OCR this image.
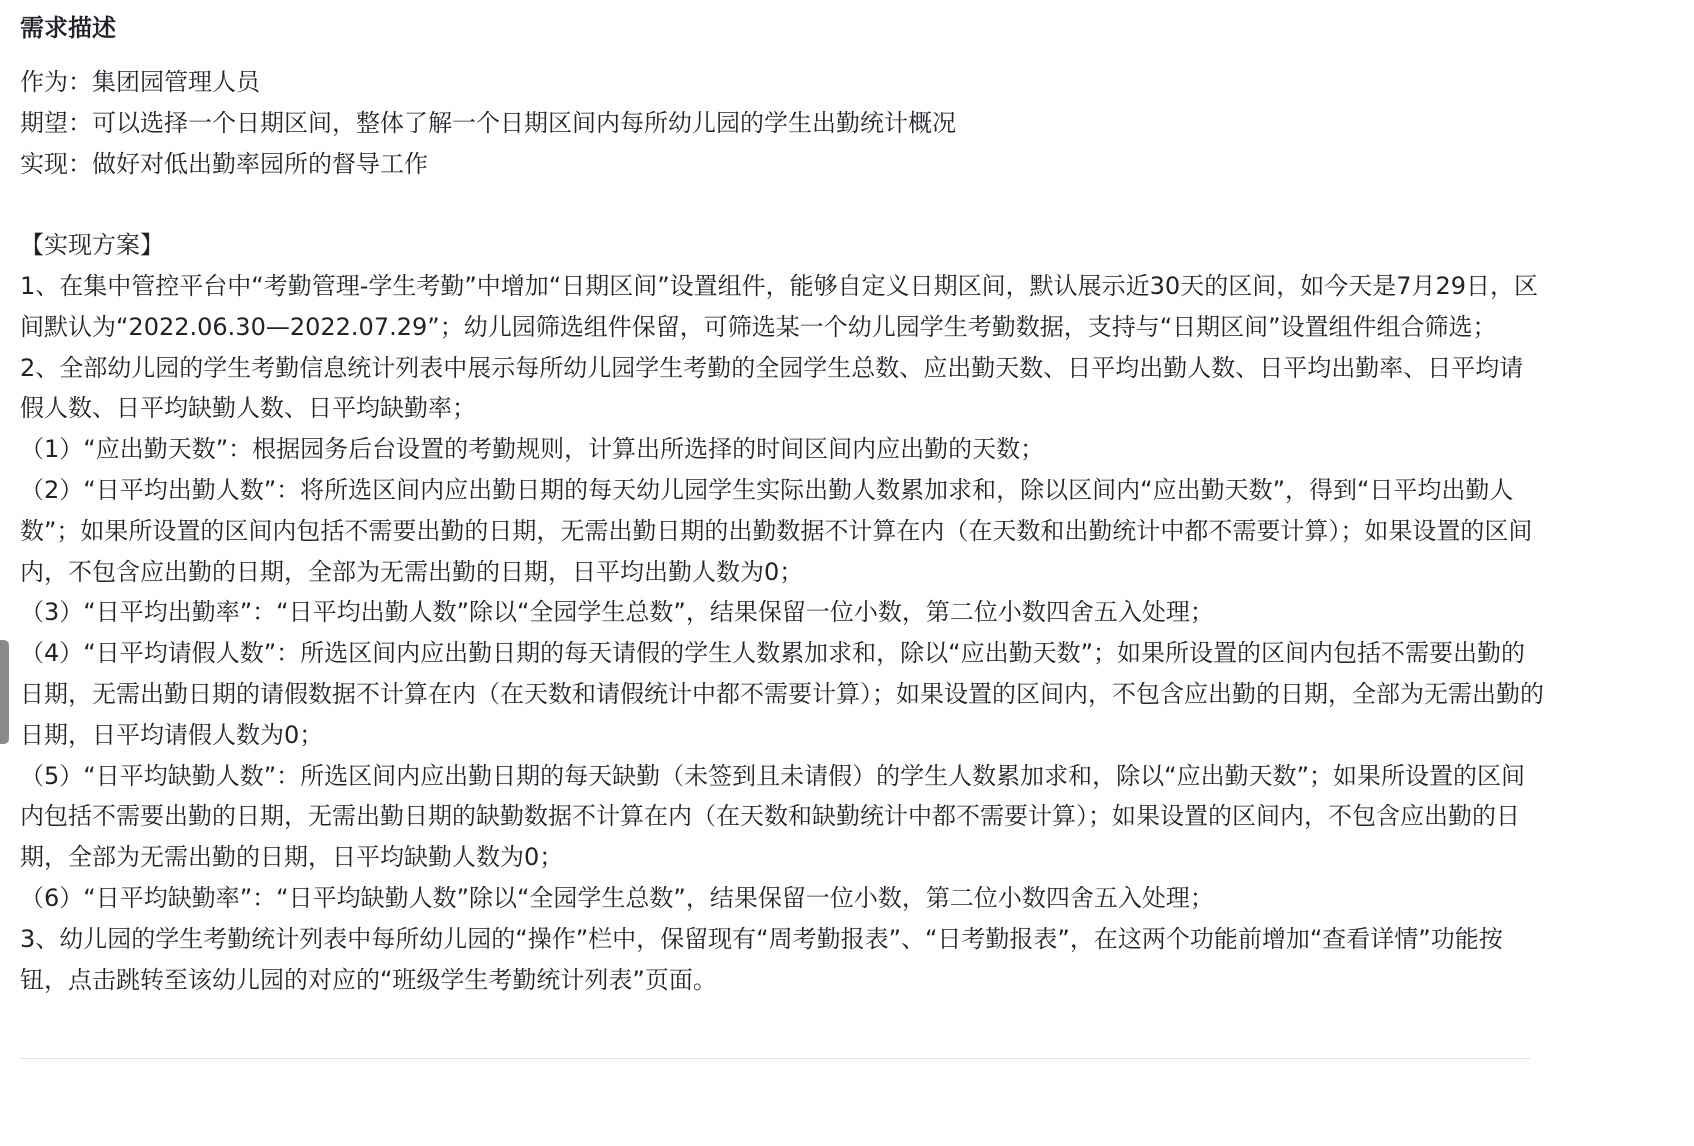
需求描述

作为：集团园管理人员

期望：可以选择一个日期区间，整体了解一个日期区间内每所幼儿园的学生出勤统计概况

实现：做好对低出勤率园所的督导工作

【实现方案】

1、在集中管控平台中“考勤管理-学生考勤”中增加“日期区间”设置组件，能够自定义日期区间，默认展示近30天的区间，如今天是7月29日，区间默认为“2022.06.30—2022.07.29”；幼儿园筛选组件保留，可筛选某一个幼儿园学生考勤数据，支持与“日期区间”设置组件组合筛选；

2、全部幼儿园的学生考勤信息统计列表中展示每所幼儿园学生考勤的全园学生总数、应出勤天数、日平均出勤人数、日平均出勤率、日平均请假人数、日平均缺勤人数、日平均缺勤率；

（1）“应出勤天数”：根据园务后台设置的考勤规则，计算出所选择的时间区间内应出勤的天数；

（2）“日平均出勤人数”：将所选区间内应出勤日期的每天幼儿园学生实际出勤人数累加求和，除以区间内“应出勤天数”，得到“日平均出勤人数”；如果所设置的区间内包括不需要出勤的日期，无需出勤日期的出勤数据不计算在内（在天数和出勤统计中都不需要计算）；如果设置的区间内，不包含应出勤的日期，全部为无需出勤的日期，日平均出勤人数为0；

（3）“日平均出勤率”：“日平均出勤人数”除以“全园学生总数”，结果保留一位小数，第二位小数四舍五入处理；

（4）“日平均请假人数”：所选区间内应出勤日期的每天请假的学生人数累加求和，除以“应出勤天数”；如果所设置的区间内包括不需要出勤的日期，无需出勤日期的请假数据不计算在内（在天数和请假统计中都不需要计算）；如果设置的区间内，不包含应出勤的日期，全部为无需出勤的日期，日平均请假人数为0；

（5）“日平均缺勤人数”：所选区间内应出勤日期的每天缺勤（未签到且未请假）的学生人数累加求和，除以“应出勤天数”；如果所设置的区间内包括不需要出勤的日期，无需出勤日期的缺勤数据不计算在内（在天数和缺勤统计中都不需要计算）；如果设置的区间内，不包含应出勤的日期，全部为无需出勤的日期，日平均缺勤人数为0；

（6）“日平均缺勤率”：“日平均缺勤人数”除以“全园学生总数”，结果保留一位小数，第二位小数四舍五入处理；

3、幼儿园的学生考勤统计列表中每所幼儿园的“操作”栏中，保留现有“周考勤报表”、“日考勤报表”，在这两个功能前增加“查看详情”功能按钮，点击跳转至该幼儿园的对应的“班级学生考勤统计列表”页面。
